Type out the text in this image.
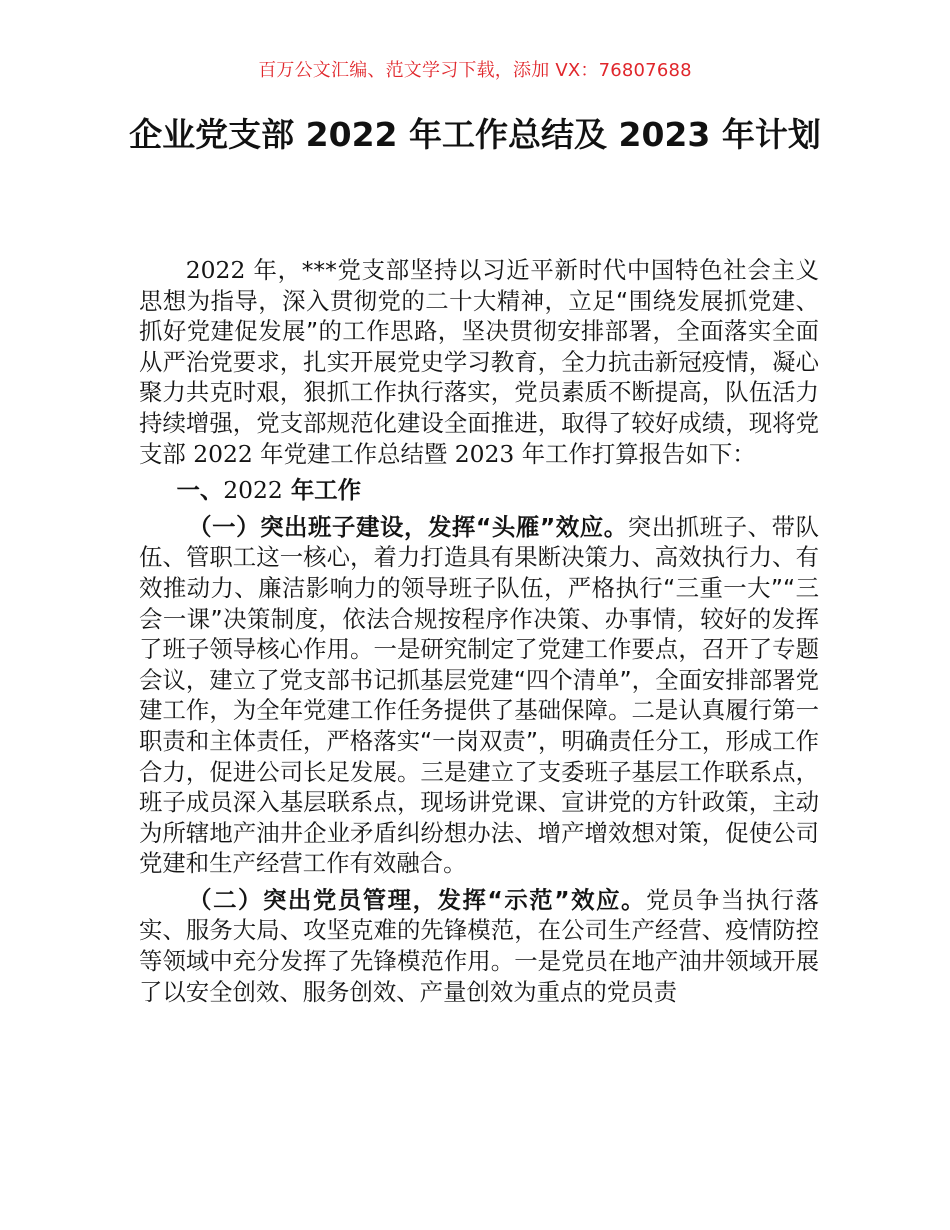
百万公文汇编、范文学习下载，添加 VX：76807688
企业党支部 2022 年工作总结及 2023 年计划

2022 年，***党支部坚持以习近平新时代中国特色社会主义思想为指导，深入贯彻党的二十大精神，立足“围绕发展抓党建、抓好党建促发展”的工作思路，坚决贯彻安排部署，全面落实全面从严治党要求，扎实开展党史学习教育，全力抗击新冠疫情，凝心聚力共克时艰，狠抓工作执行落实，党员素质不断提高，队伍活力持续增强，党支部规范化建设全面推进，取得了较好成绩，现将党支部 2022 年党建工作总结暨 2023 年工作打算报告如下：

一、2022 年工作

（一）突出班子建设，发挥“头雁”效应。突出抓班子、带队伍、管职工这一核心，着力打造具有果断决策力、高效执行力、有效推动力、廉洁影响力的领导班子队伍，严格执行“三重一大”“三会一课”决策制度，依法合规按程序作决策、办事情，较好的发挥了班子领导核心作用。一是研究制定了党建工作要点，召开了专题会议，建立了党支部书记抓基层党建“四个清单”，全面安排部署党建工作，为全年党建工作任务提供了基础保障。二是认真履行第一职责和主体责任，严格落实“一岗双责”，明确责任分工，形成工作合力，促进公司长足发展。三是建立了支委班子基层工作联系点，班子成员深入基层联系点，现场讲党课、宣讲党的方针政策，主动为所辖地产油井企业矛盾纠纷想办法、增产增效想对策，促使公司党建和生产经营工作有效融合。

（二）突出党员管理，发挥“示范”效应。党员争当执行落实、服务大局、攻坚克难的先锋模范，在公司生产经营、疫情防控等领域中充分发挥了先锋模范作用。一是党员在地产油井领域开展了以安全创效、服务创效、产量创效为重点的党员责
